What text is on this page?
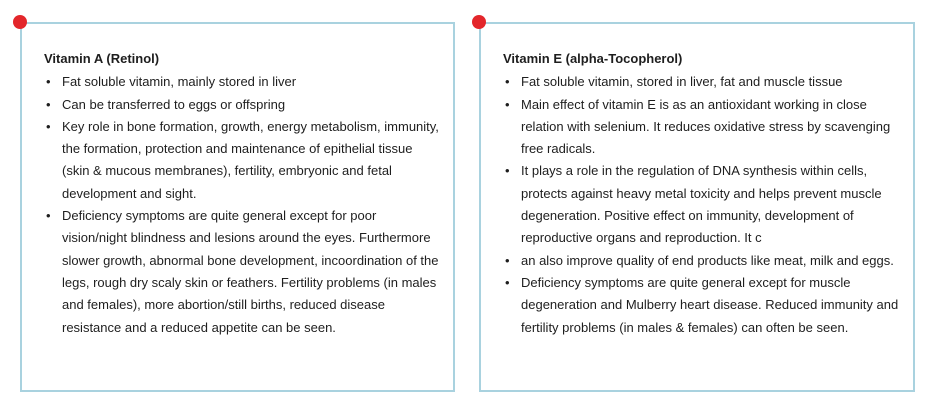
Vitamin A (Retinol)
• Fat soluble vitamin, mainly stored in liver
• Can be transferred to eggs or offspring
• Key role in bone formation, growth, energy metabolism, immunity, the formation, protection and maintenance of epithelial tissue (skin & mucous membranes), fertility, embryonic and fetal development and sight.
• Deficiency symptoms are quite general except for poor vision/night blindness and lesions around the eyes. Furthermore slower growth, abnormal bone development, incoordination of the legs, rough dry scaly skin or feathers. Fertility problems (in males and females), more abortion/still births, reduced disease resistance and a reduced appetite can be seen.
Vitamin E (alpha-Tocopherol)
• Fat soluble vitamin, stored in liver, fat and muscle tissue
• Main effect of vitamin E is as an antioxidant working in close relation with selenium. It reduces oxidative stress by scavenging free radicals.
• It plays a role in the regulation of DNA synthesis within cells, protects against heavy metal toxicity and helps prevent muscle degeneration. Positive effect on immunity, development of reproductive organs and reproduction. It c
• an also improve quality of end products like meat, milk and eggs.
• Deficiency symptoms are quite general except for muscle degeneration and Mulberry heart disease. Reduced immunity and fertility problems (in males & females) can often be seen.
